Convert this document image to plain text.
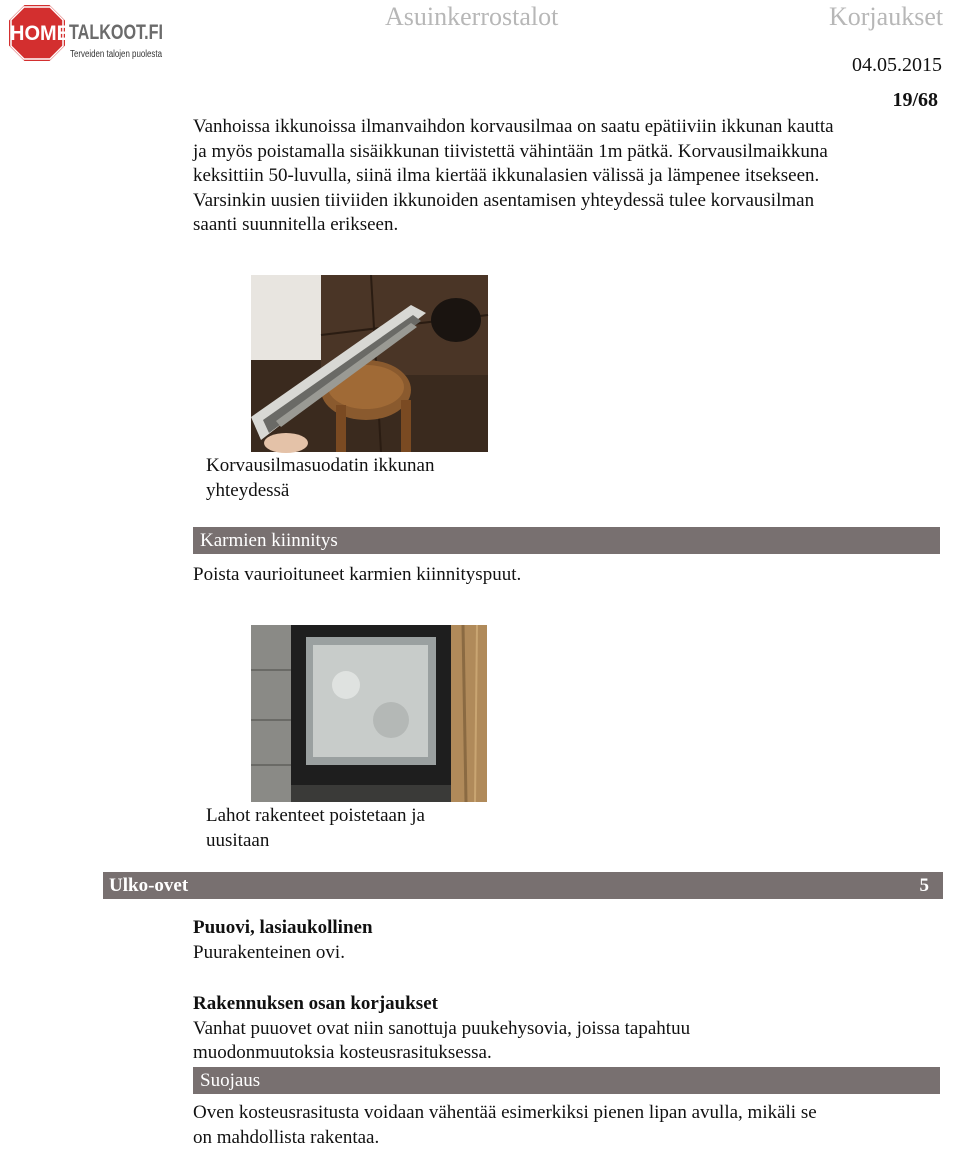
HOME TALKOOT.FI
Terveiden talojen puolesta
Asuinkerrostalot	Korjaukset
04.05.2015
19/68

Vanhoissa ikkunoissa ilmanvaihdon korvausilmaa on saatu epätiiviin ikkunan kautta

ja myös poistamalla sisäikkunan tiivistettä vähintään 1m pätkä. Korvausilmaikkuna

keksittiin 50-luvulla, siinä ilma kiertää ikkunalasien välissä ja lämpenee itsekseen.

Varsinkin uusien tiiviiden ikkunoiden asentamisen yhteydessä tulee korvausilman

saanti suunnitella erikseen.

Korvausilmasuodatin ikkunan
yhteydessä
Karmien kiinnitys
Poista vaurioituneet karmien kiinnityspuut.
Lahot rakenteet poistetaan ja
uusitaan
Ulko-ovet	5

Puuovi, lasiaukollinen

Puurakenteinen ovi.

Rakennuksen osan korjaukset

Vanhat puuovet ovat niin sanottuja puukehysovia, joissa tapahtuu

muodonmuutoksia kosteusrasituksessa.

Suojaus

Oven kosteusrasitusta voidaan vähentää esimerkiksi pienen lipan avulla, mikäli se

on mahdollista rakentaa.
